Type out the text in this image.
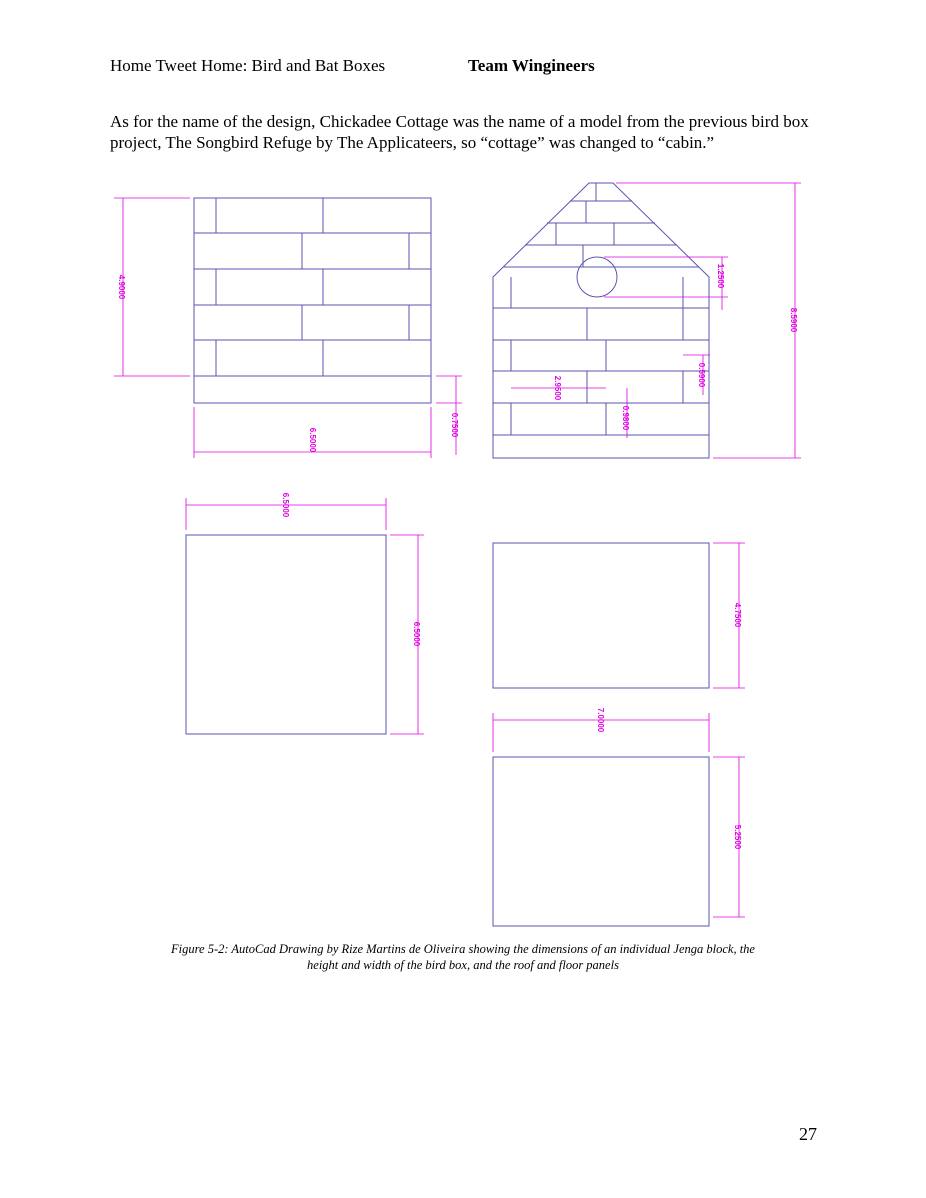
Home Tweet Home: Bird and Bat Boxes	Team Wingineers
As for the name of the design, Chickadee Cottage was the name of a model from the previous bird box project, The Songbird Refuge by The Applicateers, so “cottage” was changed to “cabin.”
4.9000
0.7500
6.5000
8.5900
1.2500
0.5900
2.9500
0.9800
6.5000
6.5000
4.7500
7.0000
5.2500
Figure 5-2: AutoCad Drawing by Rize Martins de Oliveira showing the dimensions of an individual Jenga block, the height and width of the bird box, and the roof and floor panels
27
